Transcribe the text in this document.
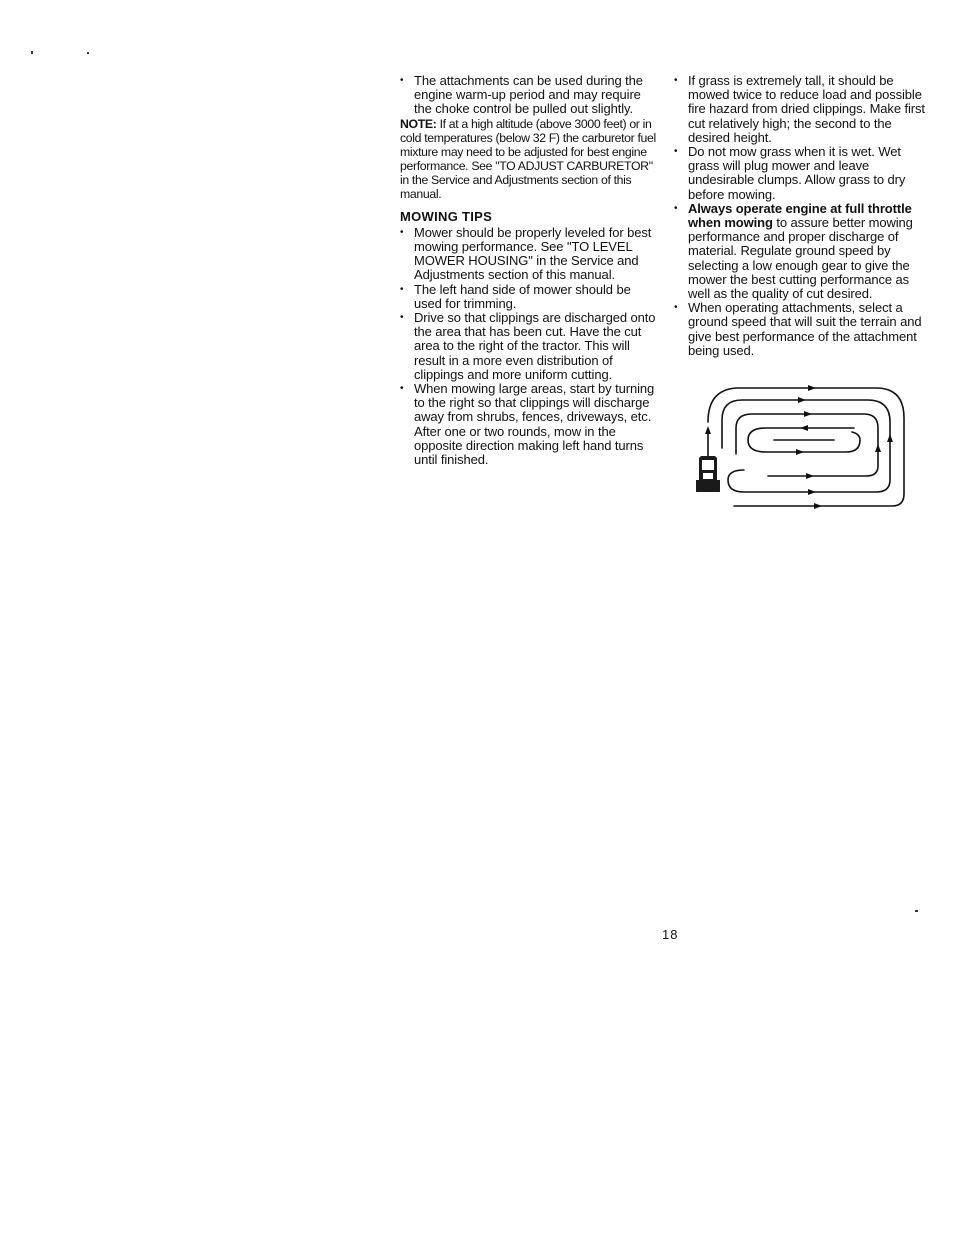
• The attachments can be used during the engine warm-up period and may require the choke control be pulled out slightly.

NOTE: If at a high altitude (above 3000 feet) or in cold temperatures (below 32 F) the carburetor fuel mixture may need to be adjusted for best engine performance. See "TO ADJUST CARBURETOR" in the Service and Adjustments section of this manual.

MOWING TIPS
• Mower should be properly leveled for best mowing performance. See "TO LEVEL MOWER HOUSING" in the Service and Adjustments section of this manual.
• The left hand side of mower should be used for trimming.
• Drive so that clippings are discharged onto the area that has been cut. Have the cut area to the right of the tractor. This will result in a more even distribution of clippings and more uniform cutting.
• When mowing large areas, start by turning to the right so that clippings will discharge away from shrubs, fences, driveways, etc. After one or two rounds, mow in the opposite direction making left hand turns until finished.
• If grass is extremely tall, it should be mowed twice to reduce load and possible fire hazard from dried clippings. Make first cut relatively high; the second to the desired height.
• Do not mow grass when it is wet. Wet grass will plug mower and leave undesirable clumps. Allow grass to dry before mowing.
• Always operate engine at full throttle when mowing to assure better mowing performance and proper discharge of material. Regulate ground speed by selecting a low enough gear to give the mower the best cutting performance as well as the quality of cut desired.
• When operating attachments, select a ground speed that will suit the terrain and give best performance of the attachment being used.
18
